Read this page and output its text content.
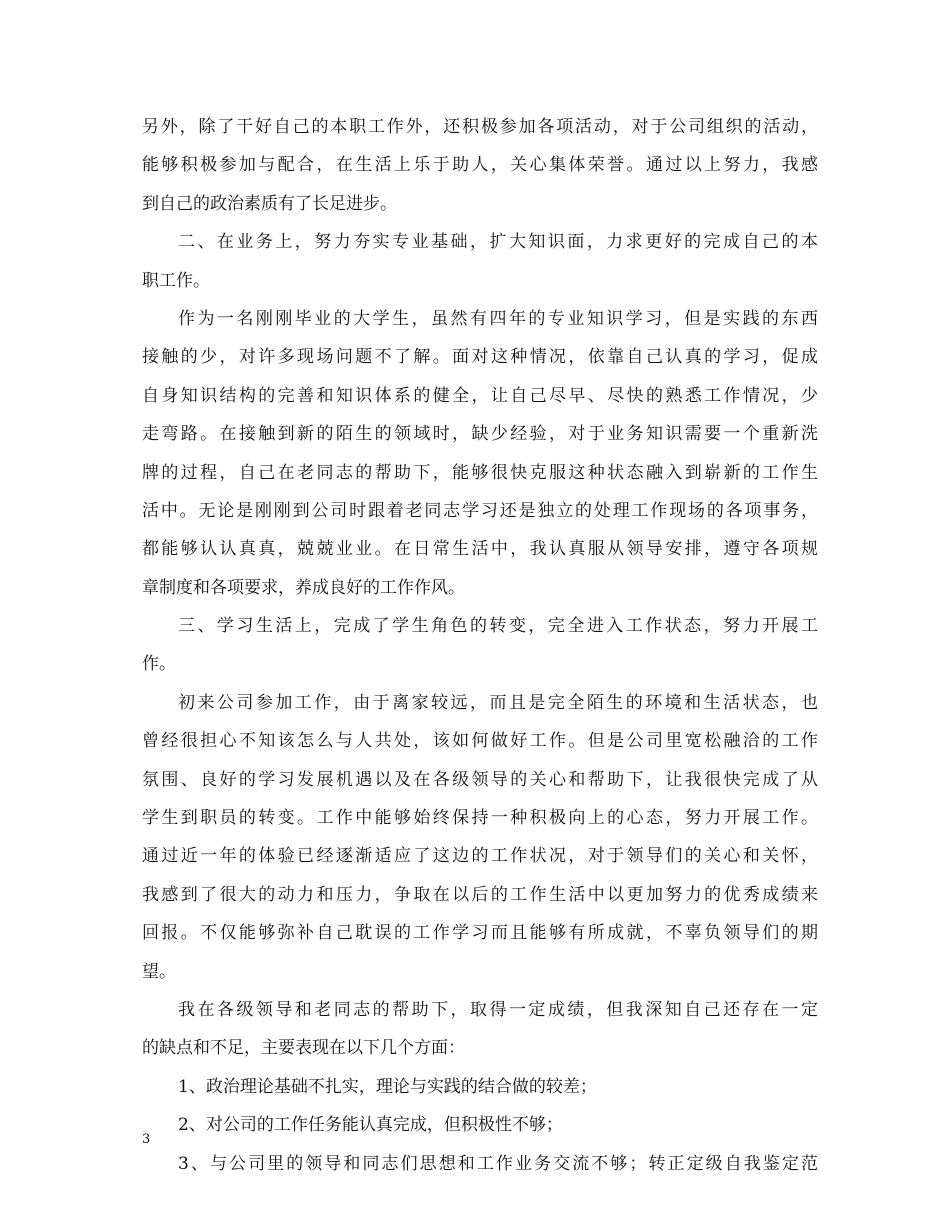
另外，除了干好自己的本职工作外，还积极参加各项活动，对于公司组织的活动，
能够积极参加与配合，在生活上乐于助人，关心集体荣誉。通过以上努力，我感
到自己的政治素质有了长足进步。
二、在业务上，努力夯实专业基础，扩大知识面，力求更好的完成自己的本
职工作。
作为一名刚刚毕业的大学生，虽然有四年的专业知识学习，但是实践的东西
接触的少，对许多现场问题不了解。面对这种情况，依靠自己认真的学习，促成
自身知识结构的完善和知识体系的健全，让自己尽早、尽快的熟悉工作情况，少
走弯路。在接触到新的陌生的领域时，缺少经验，对于业务知识需要一个重新洗
牌的过程，自己在老同志的帮助下，能够很快克服这种状态融入到崭新的工作生
活中。无论是刚刚到公司时跟着老同志学习还是独立的处理工作现场的各项事务，
都能够认认真真，兢兢业业。在日常生活中，我认真服从领导安排，遵守各项规
章制度和各项要求，养成良好的工作作风。
三、学习生活上，完成了学生角色的转变，完全进入工作状态，努力开展工
作。
初来公司参加工作，由于离家较远，而且是完全陌生的环境和生活状态，也
曾经很担心不知该怎么与人共处，该如何做好工作。但是公司里宽松融洽的工作
氛围、良好的学习发展机遇以及在各级领导的关心和帮助下，让我很快完成了从
学生到职员的转变。工作中能够始终保持一种积极向上的心态，努力开展工作。
通过近一年的体验已经逐渐适应了这边的工作状况，对于领导们的关心和关怀，
我感到了很大的动力和压力，争取在以后的工作生活中以更加努力的优秀成绩来
回报。不仅能够弥补自己耽误的工作学习而且能够有所成就，不辜负领导们的期
望。
我在各级领导和老同志的帮助下，取得一定成绩，但我深知自己还存在一定
的缺点和不足，主要表现在以下几个方面：
1、政治理论基础不扎实，理论与实践的结合做的较差；
2、对公司的工作任务能认真完成，但积极性不够；
3、与公司里的领导和同志们思想和工作业务交流不够；转正定级自我鉴定范
3
